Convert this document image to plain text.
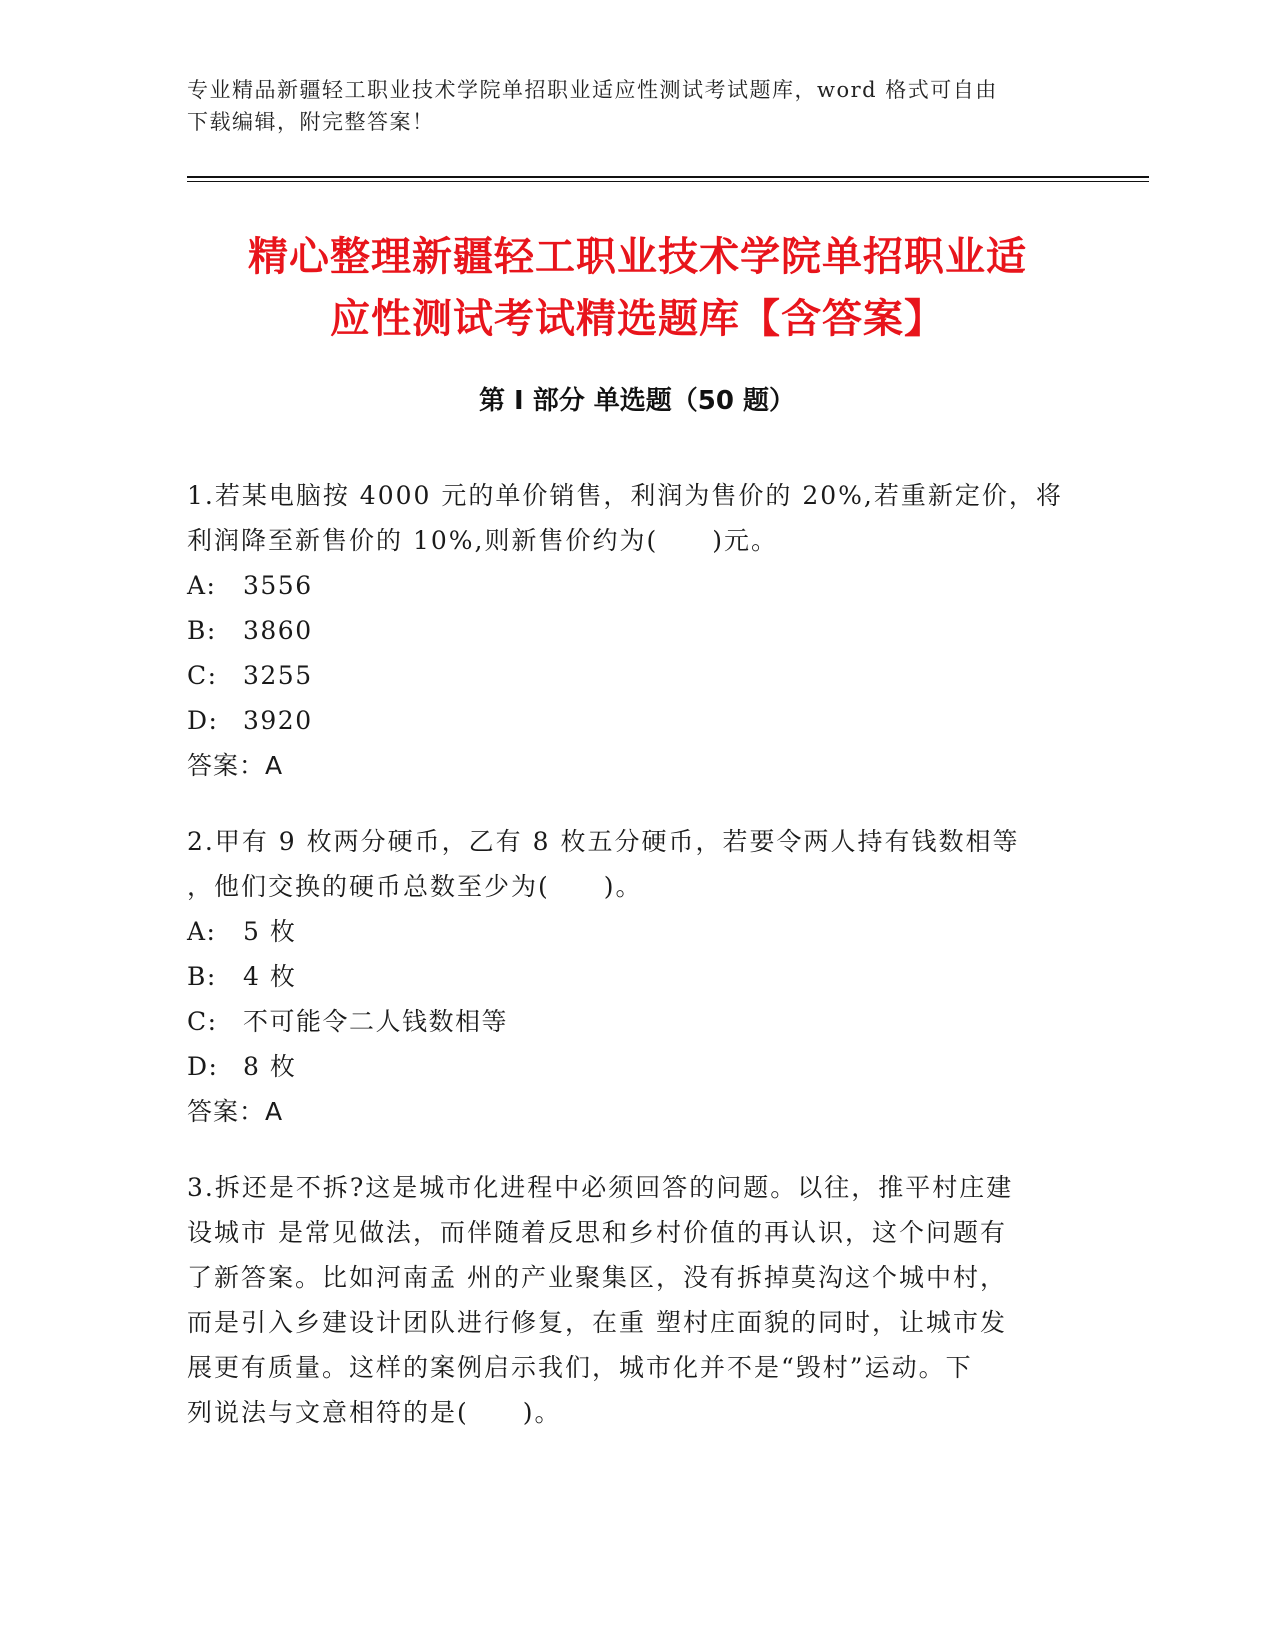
专业精品新疆轻工职业技术学院单招职业适应性测试考试题库，word 格式可自由
下载编辑，附完整答案！
精心整理新疆轻工职业技术学院单招职业适
应性测试考试精选题库【含答案】
第 I 部分 单选题（50 题）

1.若某电脑按 4000 元的单价销售，利润为售价的 20%,若重新定价，将
利润降至新售价的 10%,则新售价约为(　　)元。

A: 3556
B: 3860
C: 3255
D: 3920
答案：A

2.甲有 9 枚两分硬币，乙有 8 枚五分硬币，若要令两人持有钱数相等
，他们交换的硬币总数至少为(　　)。

A: 5 枚
B: 4 枚
C: 不可能令二人钱数相等
D: 8 枚
答案：A

3.拆还是不拆?这是城市化进程中必须回答的问题。以往，推平村庄建
设城市 是常见做法，而伴随着反思和乡村价值的再认识，这个问题有
了新答案。比如河南孟 州的产业聚集区，没有拆掉莫沟这个城中村，
而是引入乡建设计团队进行修复，在重 塑村庄面貌的同时，让城市发
展更有质量。这样的案例启示我们，城市化并不是“毁村”运动。下
列说法与文意相符的是(　　)。
